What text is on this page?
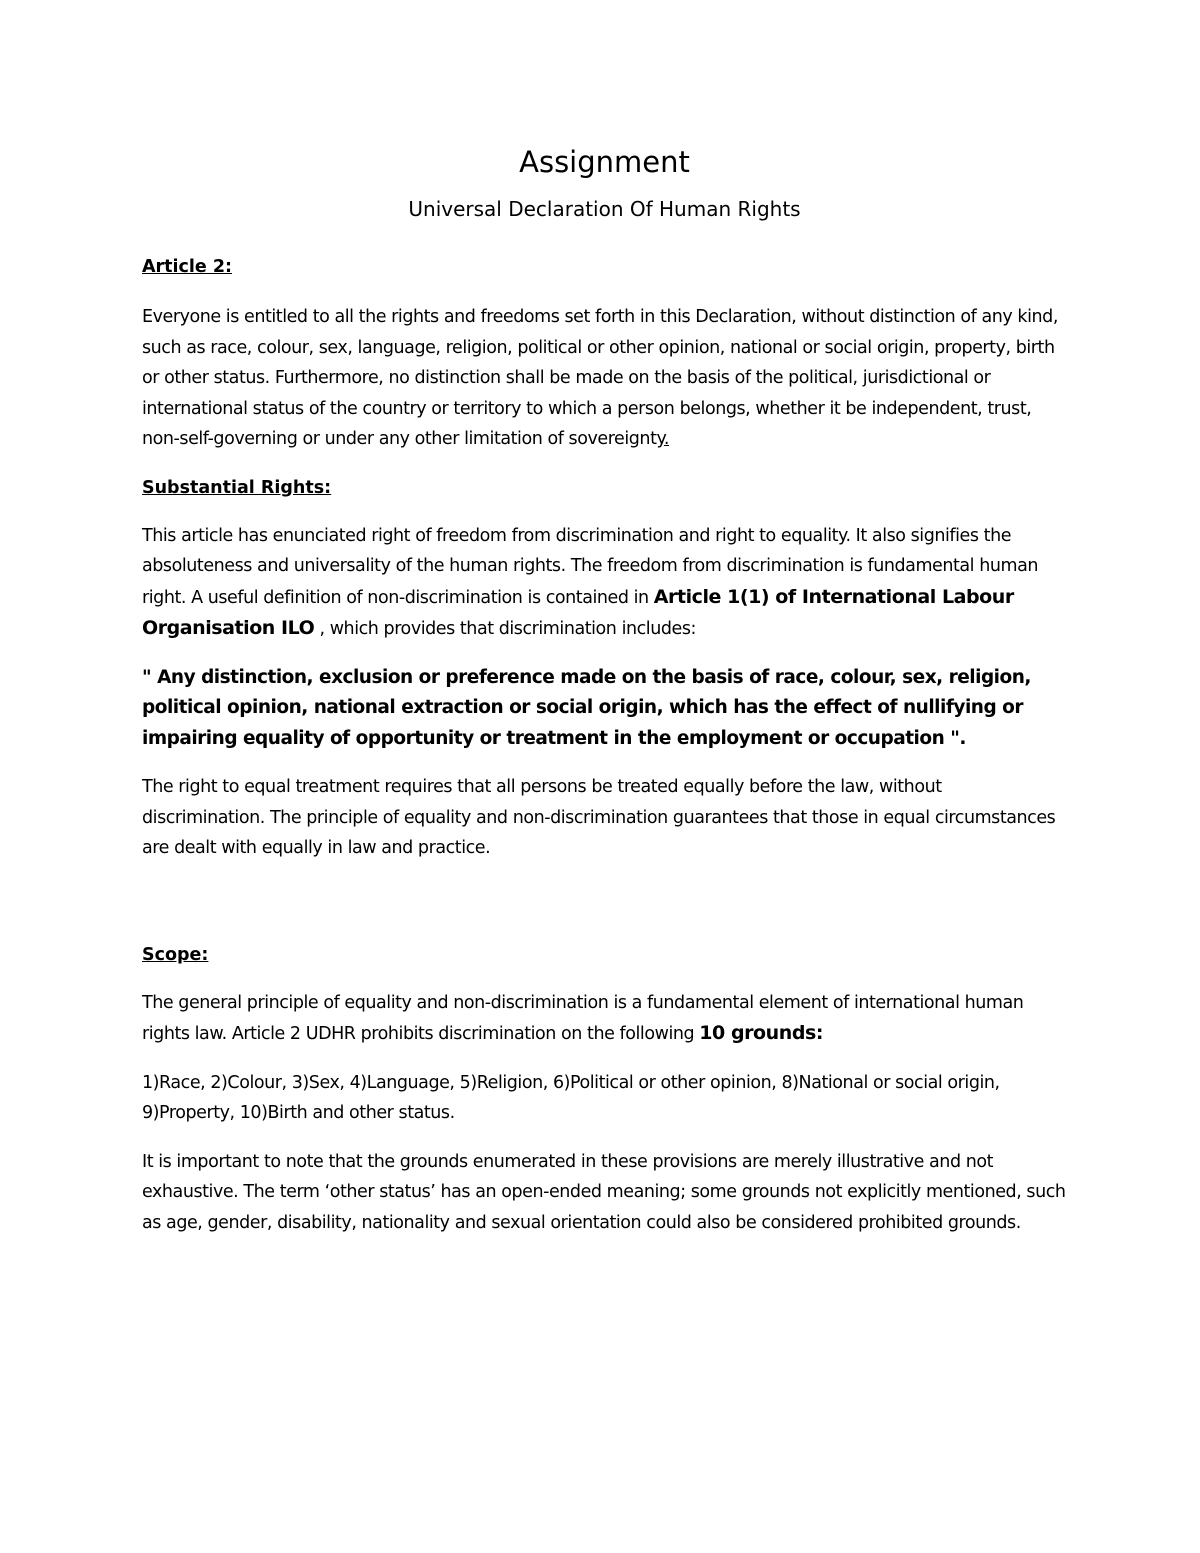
Assignment
Universal Declaration Of Human Rights
Article 2:

Everyone is entitled to all the rights and freedoms set forth in this Declaration, without distinction of any kind, such as race, colour, sex, language, religion, political or other opinion, national or social origin, property, birth or other status. Furthermore, no distinction shall be made on the basis of the political, jurisdictional or international status of the country or territory to which a person belongs, whether it be independent, trust, non-self-governing or under any other limitation of sovereignty.

Substantial Rights:

This article has enunciated right of freedom from discrimination and right to equality. It also signifies the absoluteness and universality of the human rights. The freedom from discrimination is fundamental human right. A useful definition of non-discrimination is contained in Article 1(1) of International Labour Organisation ILO , which provides that discrimination includes:

" Any distinction, exclusion or preference made on the basis of race, colour, sex, religion, political opinion, national extraction or social origin, which has the effect of nullifying or impairing equality of opportunity or treatment in the employment or occupation ".

The right to equal treatment requires that all persons be treated equally before the law, without discrimination. The principle of equality and non-discrimination guarantees that those in equal circumstances are dealt with equally in law and practice.

Scope:

The general principle of equality and non-discrimination is a fundamental element of international human rights law. Article 2 UDHR prohibits discrimination on the following 10 grounds:

1)Race, 2)Colour, 3)Sex, 4)Language, 5)Religion, 6)Political or other opinion, 8)National or social origin, 9)Property, 10)Birth and other status.

It is important to note that the grounds enumerated in these provisions are merely illustrative and not exhaustive. The term ‘other status’ has an open-ended meaning; some grounds not explicitly mentioned, such as age, gender, disability, nationality and sexual orientation could also be considered prohibited grounds.
